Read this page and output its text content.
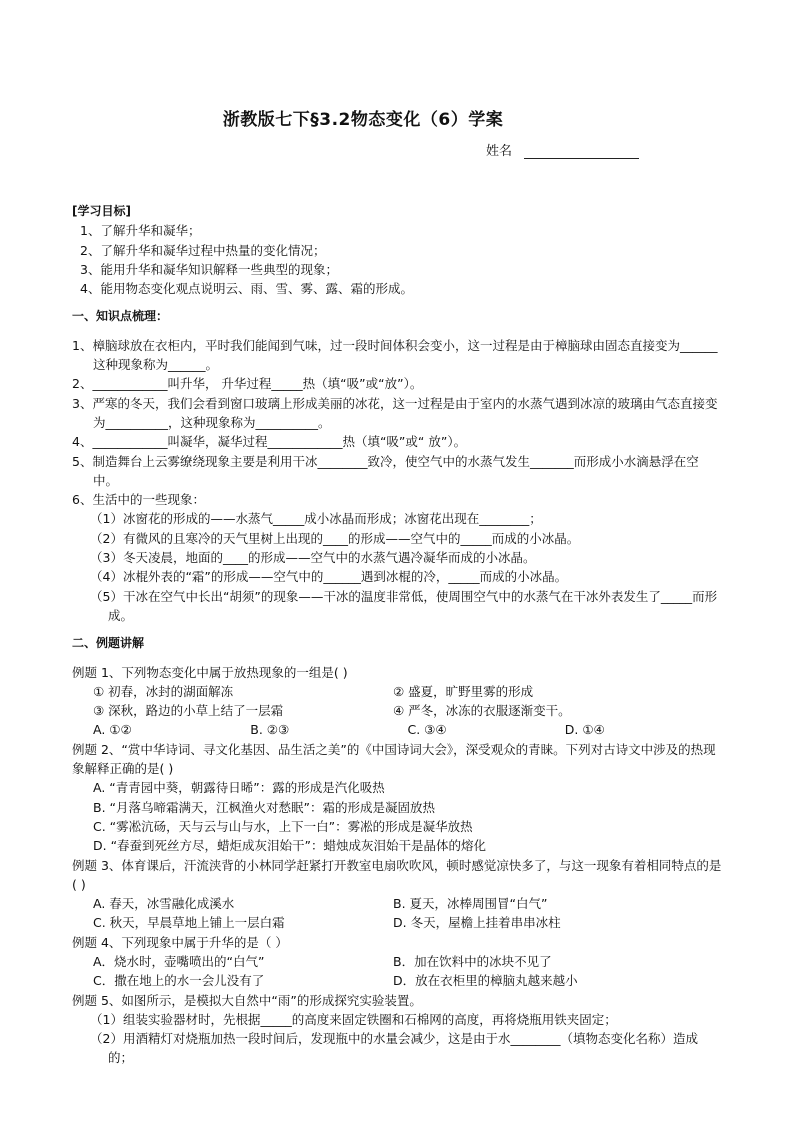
浙教版七下§3.2物态变化（6）学案
姓名
[学习目标]
1、了解升华和凝华；
2、了解升华和凝华过程中热量的变化情况；
3、能用升华和凝华知识解释一些典型的现象；
4、能用物态变化观点说明云、雨、雪、雾、露、霜的形成。
一、知识点梳理：
1、樟脑球放在衣柜内，平时我们能闻到气味，过一段时间体积会变小，这一过程是由于樟脑球由固态直接变为______这种现象称为______。
2、____________叫升华， 升华过程_____热（填“吸”或“放”）。
3、严寒的冬天，我们会看到窗口玻璃上形成美丽的冰花，这一过程是由于室内的水蒸气遇到冰凉的玻璃由气态直接变为__________，这种现象称为__________。
4、____________叫凝华，凝华过程____________热（填“吸”或“ 放”）。
5、制造舞台上云雾缭绕现象主要是利用干冰________致冷，使空气中的水蒸气发生_______而形成小水滴悬浮在空中。
6、生活中的一些现象：
（1）冰窗花的形成的——水蒸气_____成小冰晶而形成；冰窗花出现在________；
（2）有微风的且寒冷的天气里树上出现的____的形成——空气中的_____而成的小冰晶。
（3）冬天凌晨，地面的____的形成——空气中的水蒸气遇冷凝华而成的小冰晶。
（4）冰棍外表的“霜”的形成——空气中的______遇到冰棍的冷，_____而成的小冰晶。
（5）干冰在空气中长出“胡须”的现象——干冰的温度非常低，使周围空气中的水蒸气在干冰外表发生了_____而形成。
二、例题讲解
例题 1、下列物态变化中属于放热现象的一组是( )
① 初春，冰封的湖面解冻	② 盛夏，旷野里雾的形成
③ 深秋，路边的小草上结了一层霜	④ 严冬，冰冻的衣服逐渐变干。
A. ①②	B. ②③	C. ③④	D. ①④
例题 2、“赏中华诗词、寻文化基因、品生活之美”的《中国诗词大会》，深受观众的青睐。下列对古诗文中涉及的热现象解释正确的是( )
A. “青青园中葵，朝露待日晞”：露的形成是汽化吸热
B. “月落乌啼霜满天，江枫渔火对愁眠”：霜的形成是凝固放热
C. “雾凇沆砀，天与云与山与水，上下一白”：雾凇的形成是凝华放热
D. “春蚕到死丝方尽，蜡炬成灰泪始干”：蜡烛成灰泪始干是晶体的熔化
例题 3、体育课后，汗流浃背的小林同学赶紧打开教室电扇吹吹风，顿时感觉凉快多了，与这一现象有着相同特点的是( )
A. 春天，冰雪融化成溪水	B. 夏天，冰棒周围冒“白气”
C. 秋天，早晨草地上铺上一层白霜	D. 冬天，屋檐上挂着串串冰柱
例题 4、下列现象中属于升华的是（ ）
A．烧水时，壶嘴喷出的“白气”	B．加在饮料中的冰块不见了
C．撒在地上的水一会儿没有了	D．放在衣柜里的樟脑丸越来越小
例题 5、如图所示，是模拟大自然中“雨”的形成探究实验装置。
（1）组装实验器材时，先根据_____的高度来固定铁圈和石棉网的高度，再将烧瓶用铁夹固定；
（2）用酒精灯对烧瓶加热一段时间后，发现瓶中的水量会减少，这是由于水________（填物态变化名称）造成的；
